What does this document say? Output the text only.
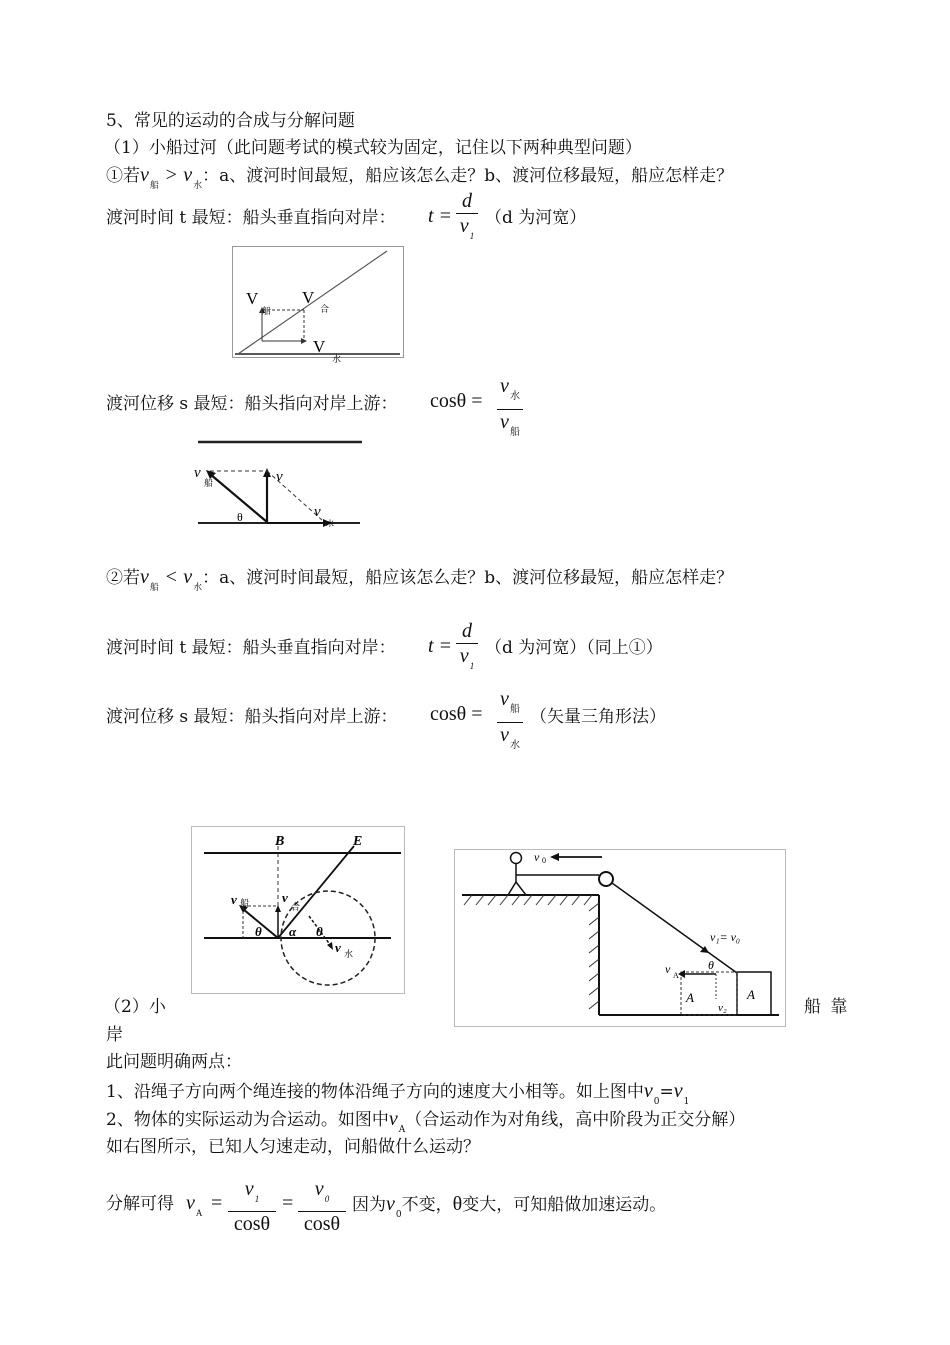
5、常见的运动的合成与分解问题
（1）小船过河（此问题考试的模式较为固定，记住以下两种典型问题）
①若$v_船 > v_水$：a、渡河时间最短，船应该怎么走？b、渡河位移最短，船应怎样走？
渡河时间 t 最短：船头垂直指向对岸： t =
d
$v_1$
（d 为河宽）
V
船
V
合
V
水
渡河位移 s 最短：船头指向对岸上游： cosθ =
$v_水$
$v_船$
v
船	v
θ	v
水
②若$v_船 < v_水$：a、渡河时间最短，船应该怎么走？b、渡河位移最短，船应怎样走？
渡河时间 t 最短：船头垂直指向对岸： t =
d
$v_1$
（d 为河宽）（同上①）
渡河位移 s 最短：船头指向对岸上游： cosθ =
$v_船$
$v_水$
（矢量三角形法）
B	E
v 船	v
合
θ α θ
v 水
v 0
v₁= v₀
A
A
v A
θ
v₂
（2）小	船 靠
岸
此问题明确两点：
1、沿绳子方向两个绳连接的物体沿绳子方向的速度大小相等。如上图中$v_0=v_1$
2、物体的实际运动为合运动。如图中$v_A$（合运动作为对角线，高中阶段为正交分解）
如右图所示，已知人匀速走动，问船做什么运动？
分解可得 $v_A$ =
$v_1$
cosθ
=
$v_0$
cosθ
因为$v_0$不变，θ变大，可知船做加速运动。
